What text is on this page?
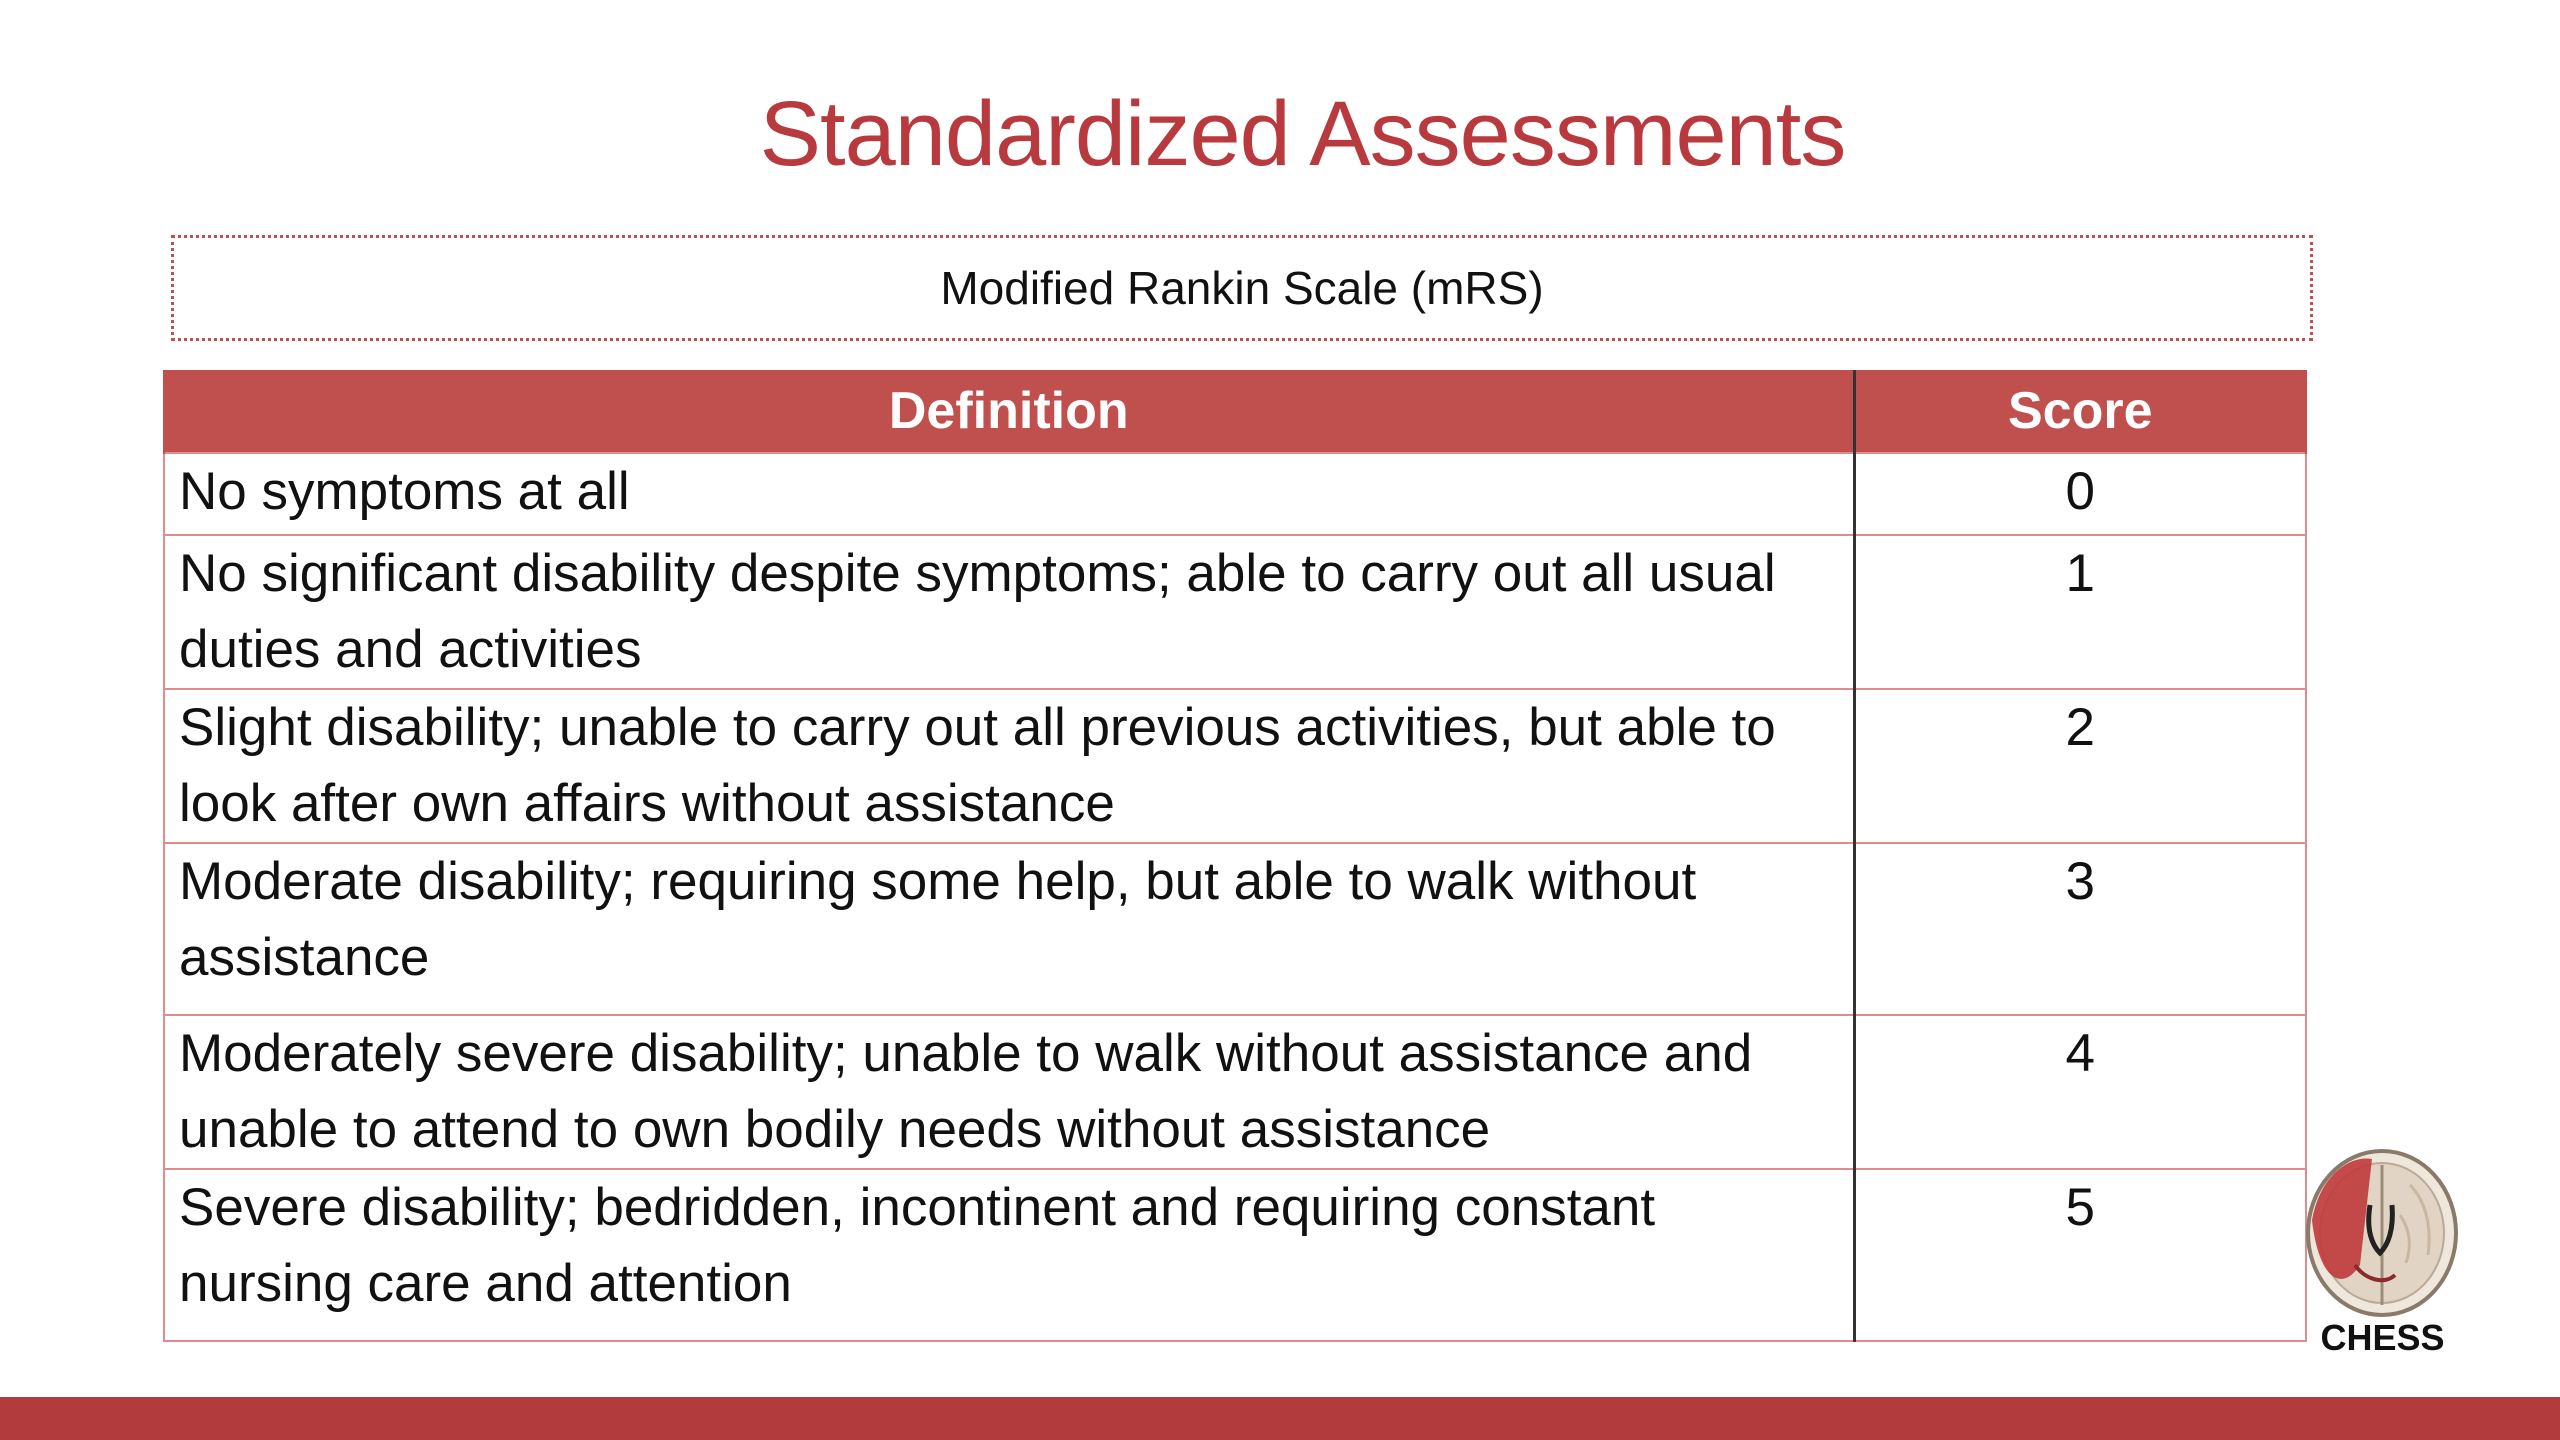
Standardized Assessments
Modified Rankin Scale (mRS)
Definition	Score
No symptoms at all	0
No significant disability despite symptoms; able to carry out all usual duties and activities	1
Slight disability; unable to carry out all previous activities, but able to look after own affairs without assistance	2
Moderate disability; requiring some help, but able to walk without assistance	3
Moderately severe disability; unable to walk without assistance and unable to attend to own bodily needs without assistance	4
Severe disability; bedridden, incontinent and requiring constant nursing care and attention	5
CHESS
